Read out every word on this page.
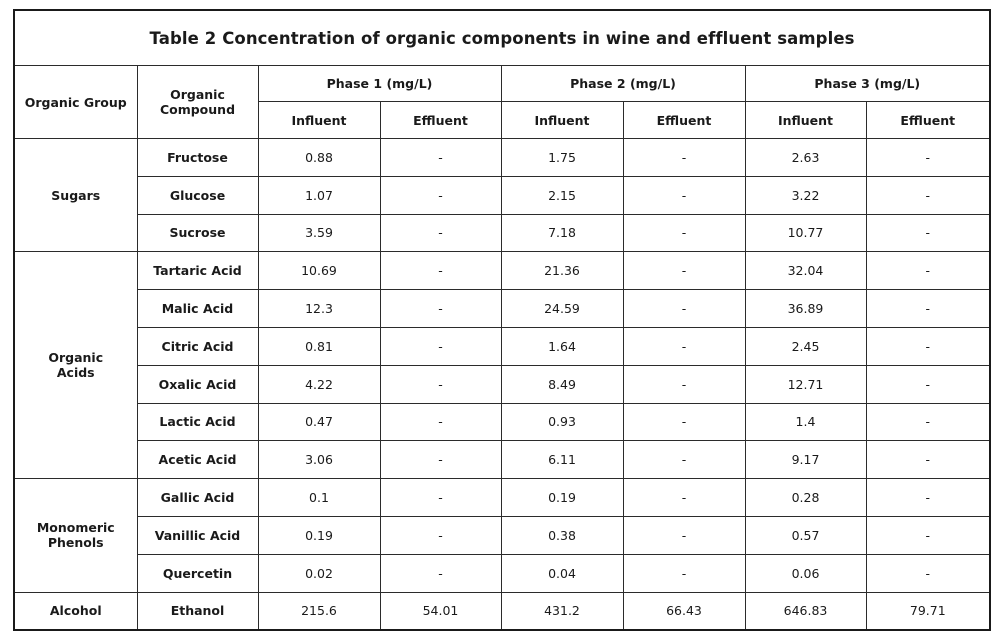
Table 2 Concentration of organic components in wine and effluent samples							
Organic Group	Organic Compound	Phase 1 (mg/L)		Phase 2 (mg/L)		Phase 3 (mg/L)	
		Influent	Effluent	Influent	Effluent	Influent	Effluent
Sugars	Fructose	0.88	-	1.75	-	2.63	-
	Glucose	1.07	-	2.15	-	3.22	-
	Sucrose	3.59	-	7.18	-	10.77	-
Organic Acids	Tartaric Acid	10.69	-	21.36	-	32.04	-
	Malic Acid	12.3	-	24.59	-	36.89	-
	Citric Acid	0.81	-	1.64	-	2.45	-
	Oxalic Acid	4.22	-	8.49	-	12.71	-
	Lactic Acid	0.47	-	0.93	-	1.4	-
	Acetic Acid	3.06	-	6.11	-	9.17	-
Monomeric Phenols	Gallic Acid	0.1	-	0.19	-	0.28	-
	Vanillic Acid	0.19	-	0.38	-	0.57	-
	Quercetin	0.02	-	0.04	-	0.06	-
Alcohol	Ethanol	215.6	54.01	431.2	66.43	646.83	79.71
